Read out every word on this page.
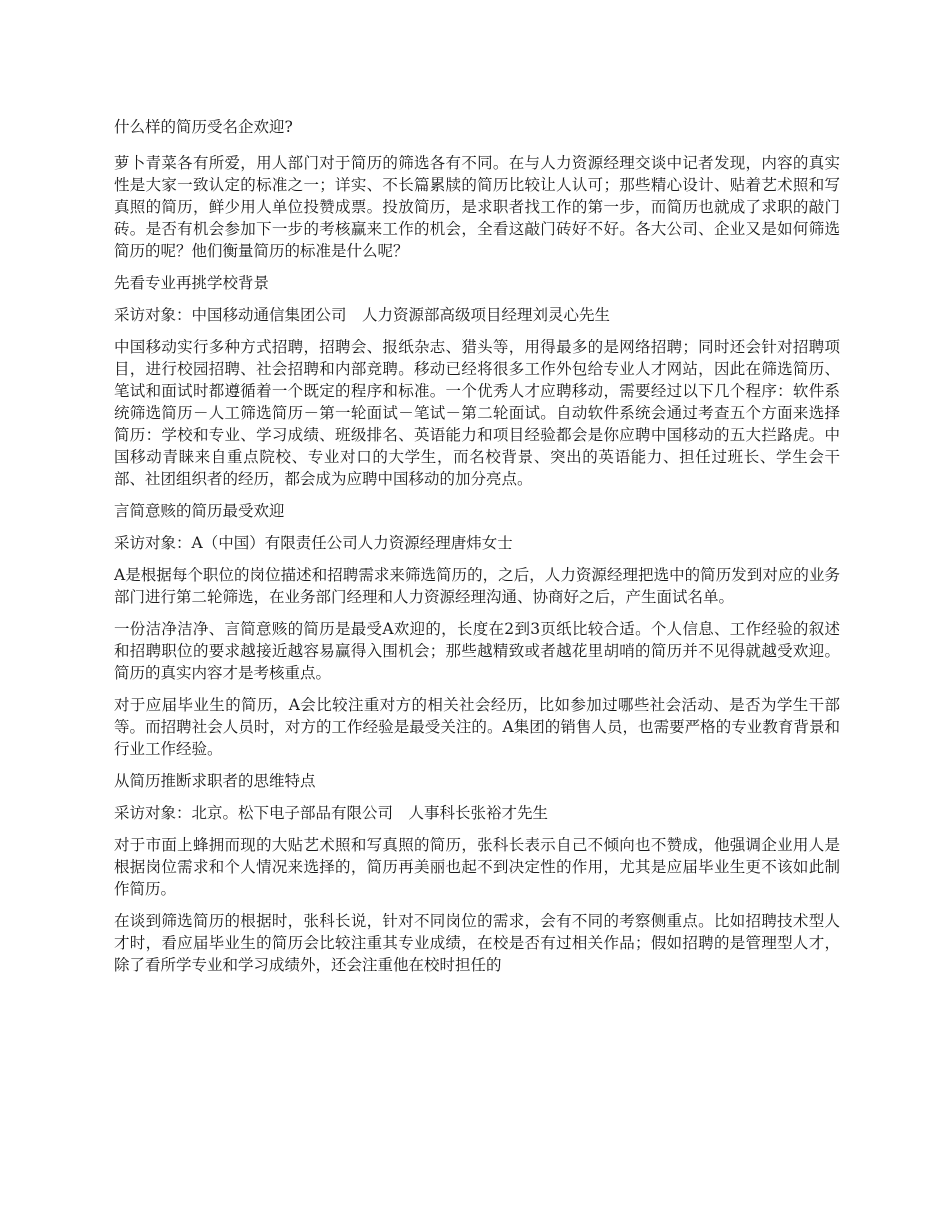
什么样的简历受名企欢迎?

萝卜青菜各有所爱，用人部门对于简历的筛选各有不同。在与人力资源经理交谈中记者发现，内容的真实性是大家一致认定的标准之一；详实、不长篇累牍的简历比较让人认可；那些精心设计、贴着艺术照和写真照的简历，鲜少用人单位投赞成票。投放简历，是求职者找工作的第一步，而简历也就成了求职的敲门砖。是否有机会参加下一步的考核赢来工作的机会，全看这敲门砖好不好。各大公司、企业又是如何筛选简历的呢？他们衡量简历的标准是什么呢？

先看专业再挑学校背景

采访对象：中国移动通信集团公司　人力资源部高级项目经理刘灵心先生

中国移动实行多种方式招聘，招聘会、报纸杂志、猎头等，用得最多的是网络招聘；同时还会针对招聘项目，进行校园招聘、社会招聘和内部竞聘。移动已经将很多工作外包给专业人才网站，因此在筛选简历、笔试和面试时都遵循着一个既定的程序和标准。一个优秀人才应聘移动，需要经过以下几个程序：软件系统筛选简历－人工筛选简历－第一轮面试－笔试－第二轮面试。自动软件系统会通过考查五个方面来选择简历：学校和专业、学习成绩、班级排名、英语能力和项目经验都会是你应聘中国移动的五大拦路虎。中国移动青睐来自重点院校、专业对口的大学生，而名校背景、突出的英语能力、担任过班长、学生会干部、社团组织者的经历，都会成为应聘中国移动的加分亮点。

言简意赅的简历最受欢迎

采访对象：A（中国）有限责任公司人力资源经理唐炜女士

A是根据每个职位的岗位描述和招聘需求来筛选简历的，之后，人力资源经理把选中的简历发到对应的业务部门进行第二轮筛选，在业务部门经理和人力资源经理沟通、协商好之后，产生面试名单。

一份洁净洁净、言简意赅的简历是最受A欢迎的，长度在2到3页纸比较合适。个人信息、工作经验的叙述和招聘职位的要求越接近越容易赢得入围机会；那些越精致或者越花里胡哨的简历并不见得就越受欢迎。简历的真实内容才是考核重点。

对于应届毕业生的简历，A会比较注重对方的相关社会经历，比如参加过哪些社会活动、是否为学生干部等。而招聘社会人员时，对方的工作经验是最受关注的。A集团的销售人员，也需要严格的专业教育背景和行业工作经验。

从简历推断求职者的思维特点

采访对象：北京。松下电子部品有限公司　人事科长张裕才先生

对于市面上蜂拥而现的大贴艺术照和写真照的简历，张科长表示自己不倾向也不赞成，他强调企业用人是根据岗位需求和个人情况来选择的，简历再美丽也起不到决定性的作用，尤其是应届毕业生更不该如此制作简历。

在谈到筛选简历的根据时，张科长说，针对不同岗位的需求，会有不同的考察侧重点。比如招聘技术型人才时，看应届毕业生的简历会比较注重其专业成绩，在校是否有过相关作品；假如招聘的是管理型人才，除了看所学专业和学习成绩外，还会注重他在校时担任的
